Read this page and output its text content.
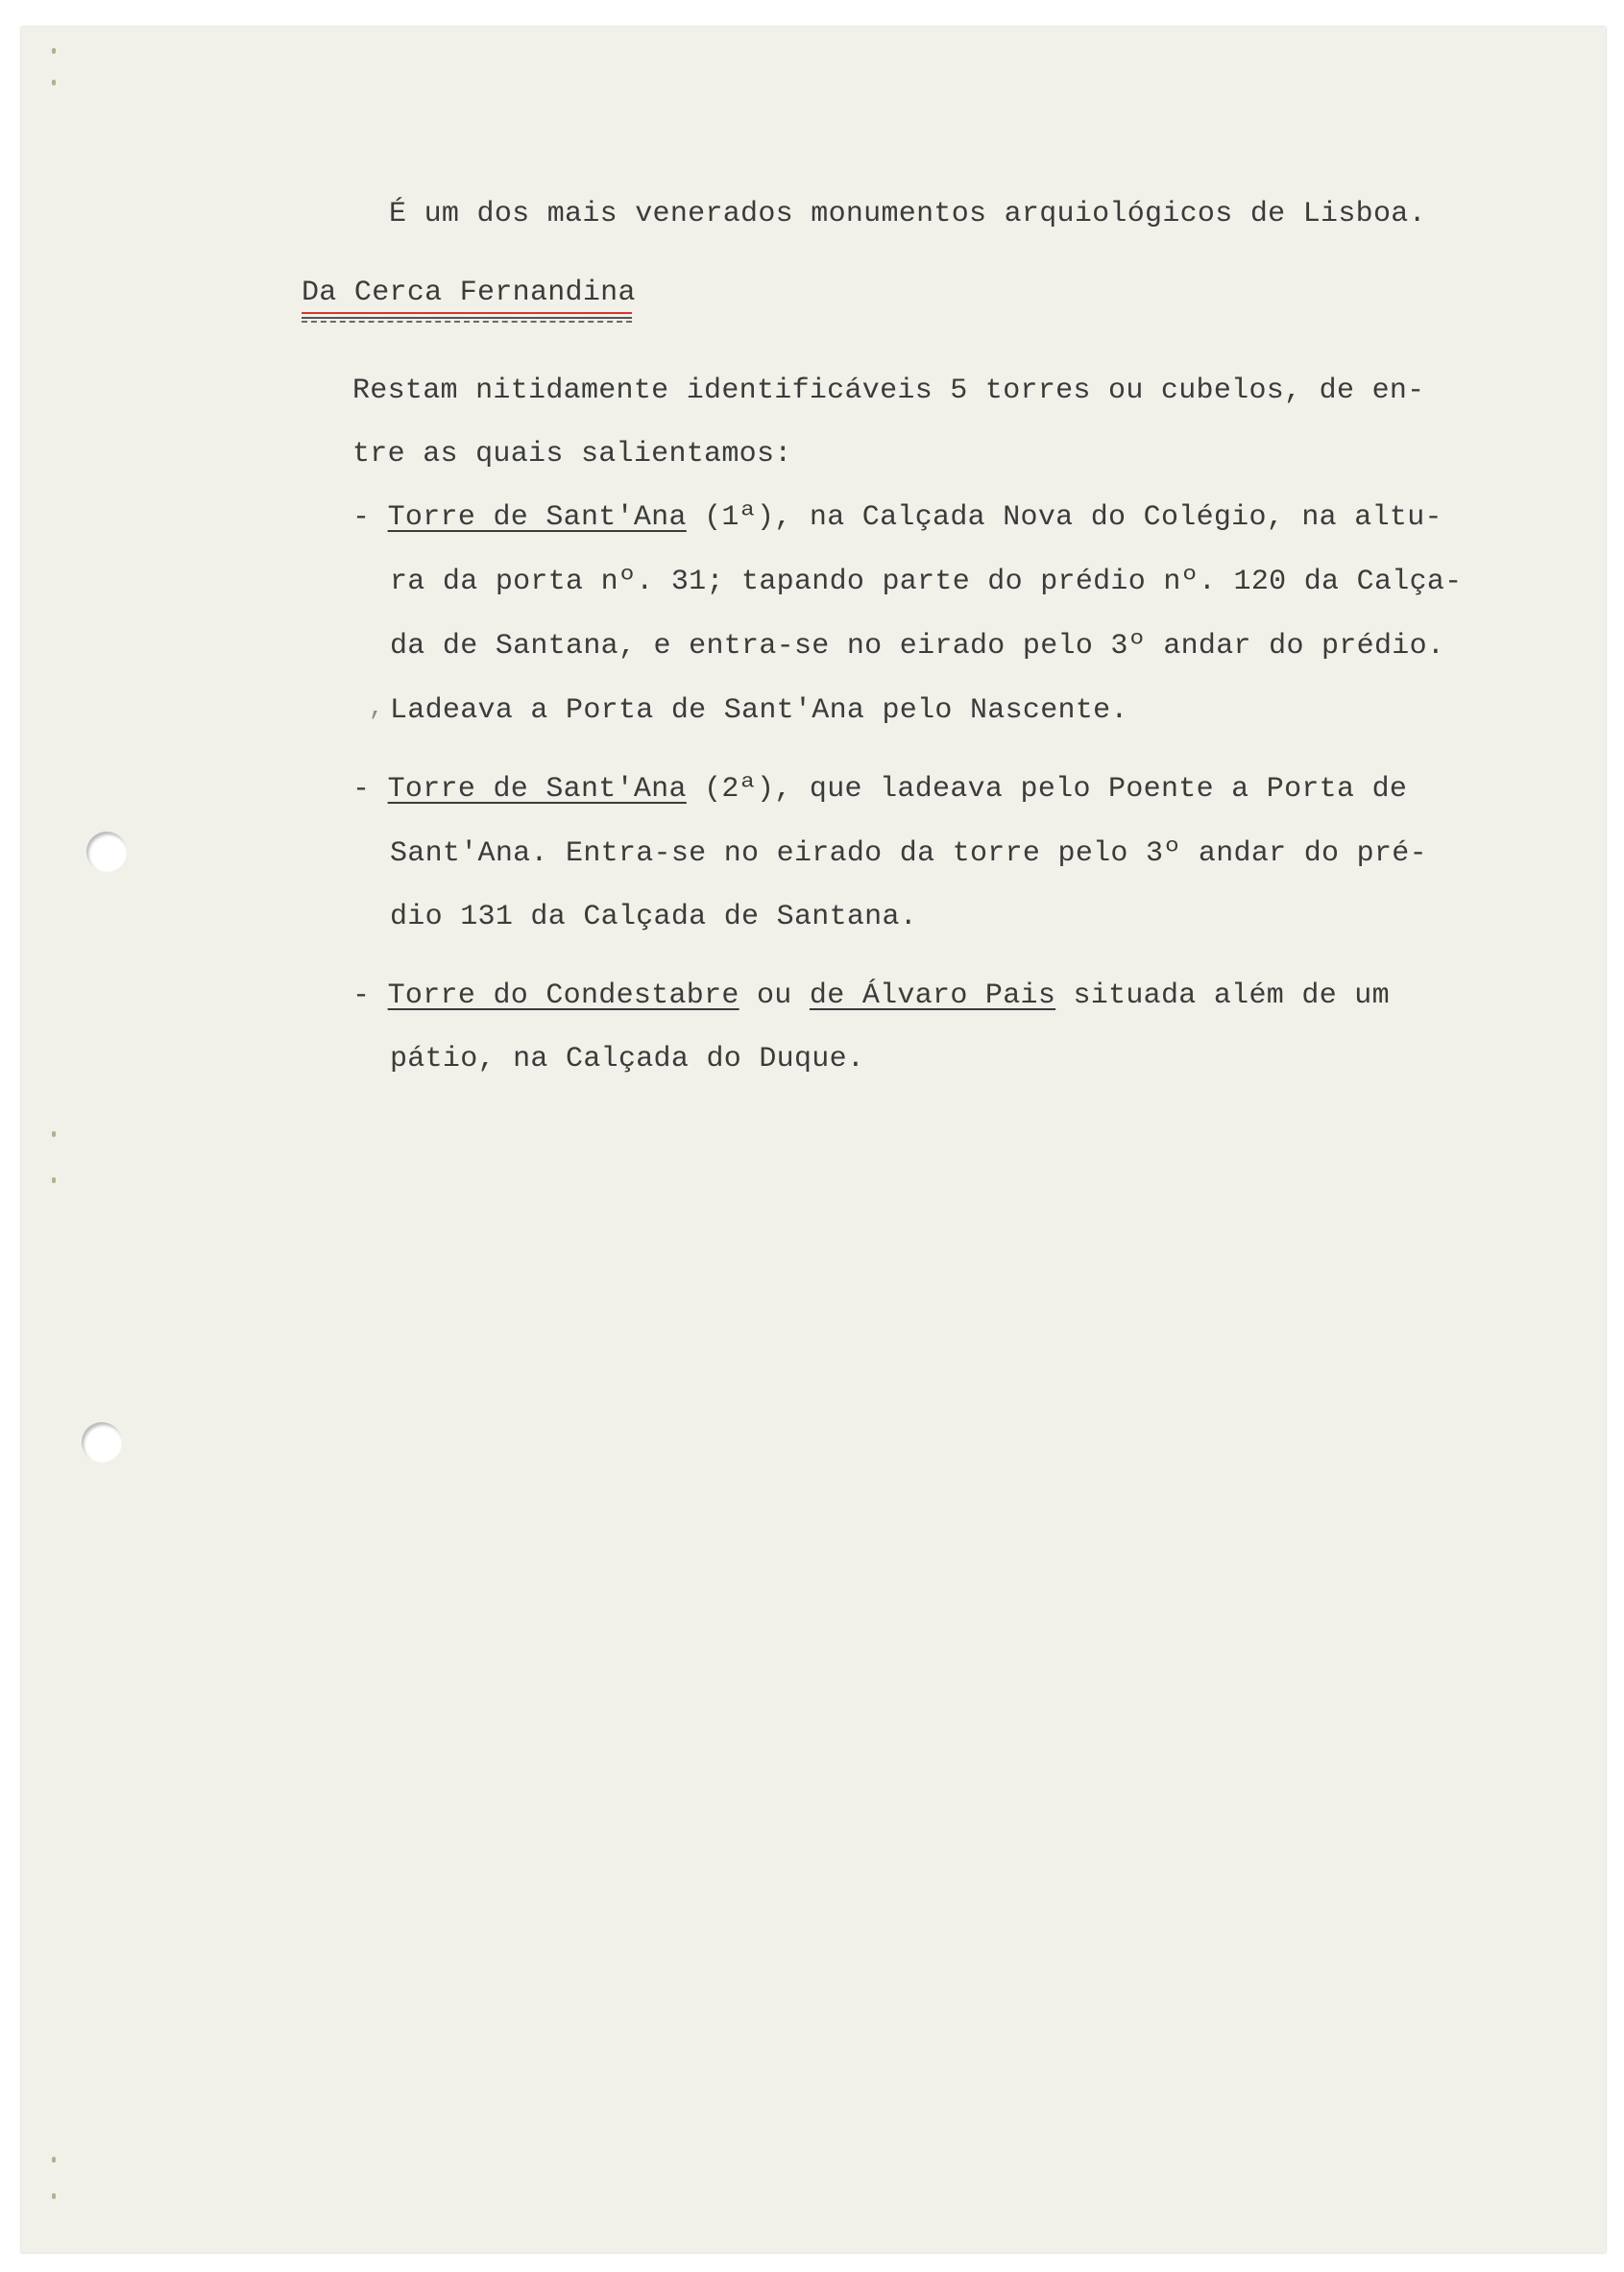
É um dos mais venerados monumentos arquiológicos de Lisboa.
Da Cerca Fernandina
Restam nitidamente identificáveis 5 torres ou cubelos, de en-
tre as quais salientamos:
- Torre de Sant'Ana (1ª), na Calçada Nova do Colégio, na altu-
ra da porta nº. 31; tapando parte do prédio nº. 120 da Calça-
da de Santana, e entra-se no eirado pelo 3º andar do prédio.
, Ladeava a Porta de Sant'Ana pelo Nascente.
- Torre de Sant'Ana (2ª), que ladeava pelo Poente a Porta de
Sant'Ana. Entra-se no eirado da torre pelo 3º andar do pré-
dio 131 da Calçada de Santana.
- Torre do Condestabre ou de Álvaro Pais situada além de um
pátio, na Calçada do Duque.
